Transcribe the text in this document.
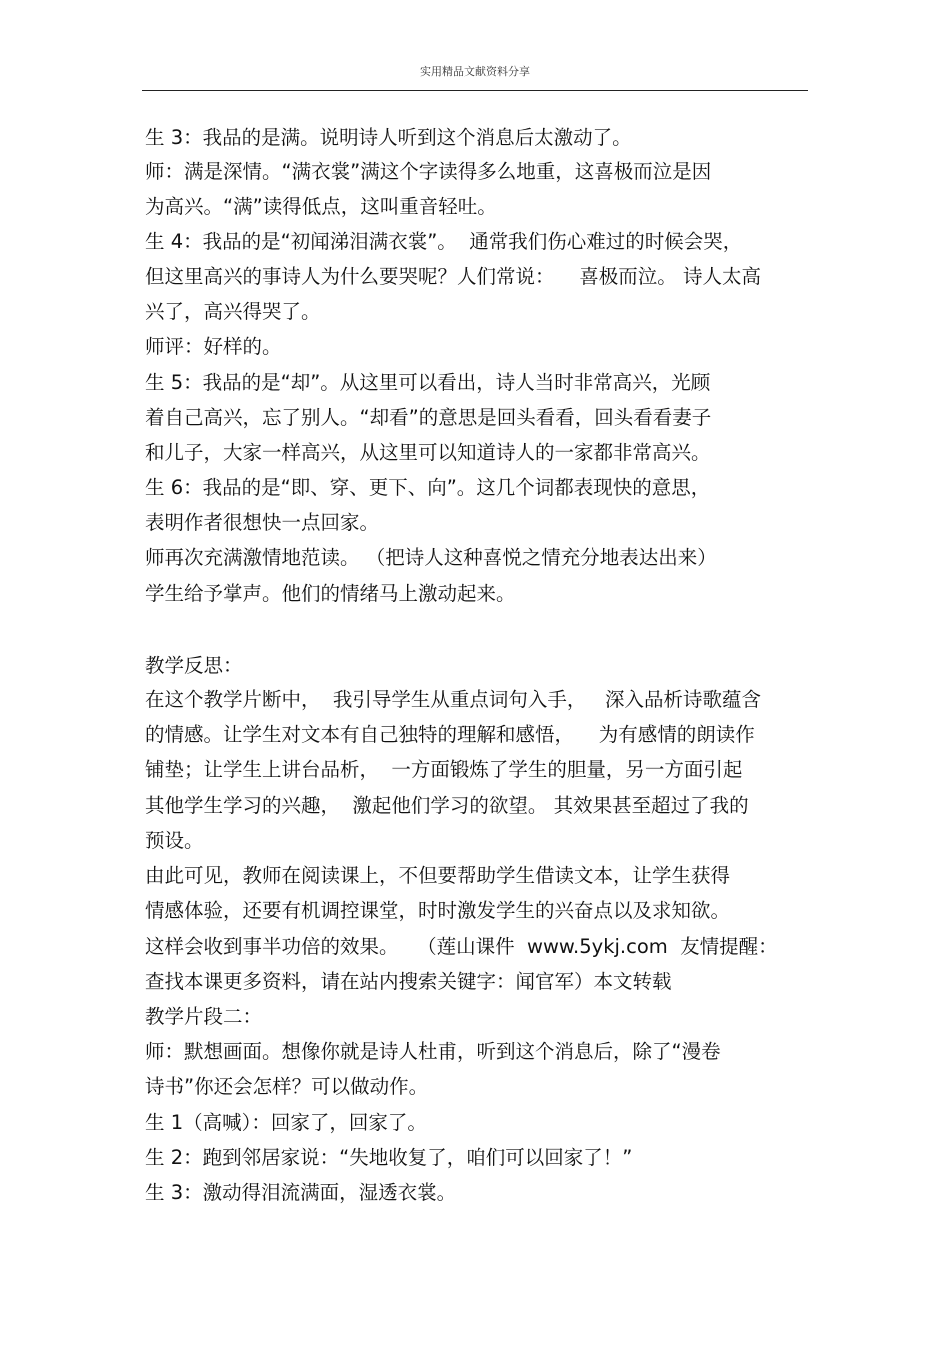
实用精品文献资料分享
生 3：我品的是满。说明诗人听到这个消息后太激动了。
师：满是深情。“满衣裳”满这个字读得多么地重，这喜极而泣是因
为高兴。“满”读得低点，这叫重音轻吐。
生 4：我品的是“初闻涕泪满衣裳”。  通常我们伤心难过的时候会哭，
但这里高兴的事诗人为什么要哭呢？人们常说：    喜极而泣。 诗人太高
兴了，高兴得哭了。
师评：好样的。
生 5：我品的是“却”。从这里可以看出，诗人当时非常高兴，光顾
着自己高兴，忘了别人。“却看”的意思是回头看看，回头看看妻子
和儿子，大家一样高兴，从这里可以知道诗人的一家都非常高兴。
生 6：我品的是“即、穿、更下、向”。这几个词都表现快的意思，
表明作者很想快一点回家。
师再次充满激情地范读。 （把诗人这种喜悦之情充分地表达出来）
学生给予掌声。他们的情绪马上激动起来。
教学反思：
在这个教学片断中，  我引导学生从重点词句入手，   深入品析诗歌蕴含
的情感。让学生对文本有自己独特的理解和感悟，    为有感情的朗读作
铺垫；让学生上讲台品析，  一方面锻炼了学生的胆量，另一方面引起
其他学生学习的兴趣，  激起他们学习的欲望。 其效果甚至超过了我的
预设。
由此可见，教师在阅读课上，不但要帮助学生借读文本，让学生获得
情感体验，还要有机调控课堂，时时激发学生的兴奋点以及求知欲。
这样会收到事半功倍的效果。   （莲山课件  www.5ykj.com  友情提醒：
查找本课更多资料，请在站内搜索关键字：闻官军）本文转载
教学片段二：
师：默想画面。想像你就是诗人杜甫，听到这个消息后，除了“漫卷
诗书”你还会怎样？可以做动作。
生 1（高喊）：回家了，回家了。
生 2：跑到邻居家说：“失地收复了，咱们可以回家了！”
生 3：激动得泪流满面，湿透衣裳。
